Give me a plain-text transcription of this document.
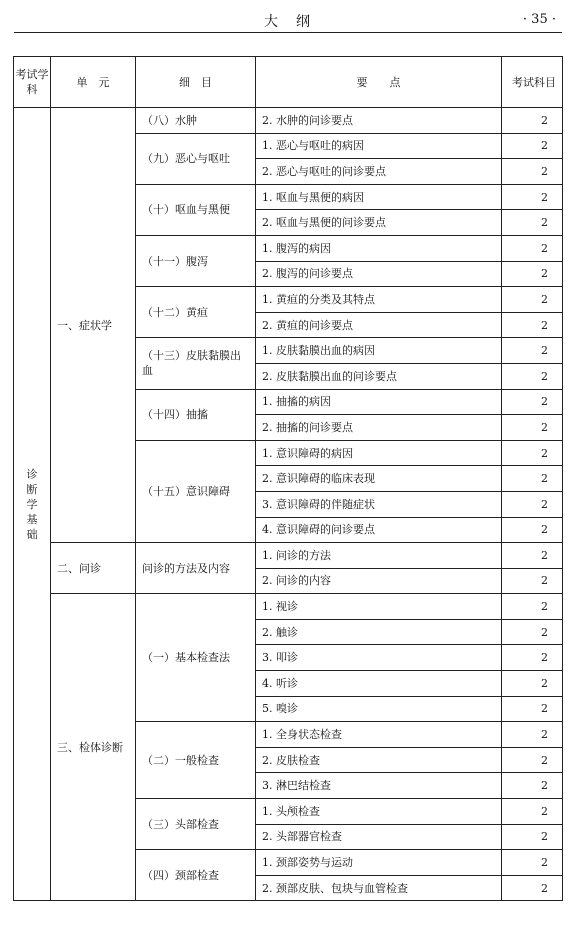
大　纲	· 35 ·
考试学科	单　元	细　目	要　　点	考试科目
诊断学基础	一、症状学	（八）水肿	2. 水肿的问诊要点	2
		（九）恶心与呕吐	1. 恶心与呕吐的病因	2
			2. 恶心与呕吐的问诊要点	2
		（十）呕血与黑便	1. 呕血与黑便的病因	2
			2. 呕血与黑便的问诊要点	2
		（十一）腹泻	1. 腹泻的病因	2
			2. 腹泻的问诊要点	2
		（十二）黄疸	1. 黄疸的分类及其特点	2
			2. 黄疸的问诊要点	2
		（十三）皮肤黏膜出血	1. 皮肤黏膜出血的病因	2
			2. 皮肤黏膜出血的问诊要点	2
		（十四）抽搐	1. 抽搐的病因	2
			2. 抽搐的问诊要点	2
		（十五）意识障碍	1. 意识障碍的病因	2
			2. 意识障碍的临床表现	2
			3. 意识障碍的伴随症状	2
			4. 意识障碍的问诊要点	2
	二、问诊	问诊的方法及内容	1. 问诊的方法	2
			2. 问诊的内容	2
	三、检体诊断	（一）基本检查法	1. 视诊	2
			2. 触诊	2
			3. 叩诊	2
			4. 听诊	2
			5. 嗅诊	2
		（二）一般检查	1. 全身状态检查	2
			2. 皮肤检查	2
			3. 淋巴结检查	2
		（三）头部检查	1. 头颅检查	2
			2. 头部器官检查	2
		（四）颈部检查	1. 颈部姿势与运动	2
			2. 颈部皮肤、包块与血管检查	2
